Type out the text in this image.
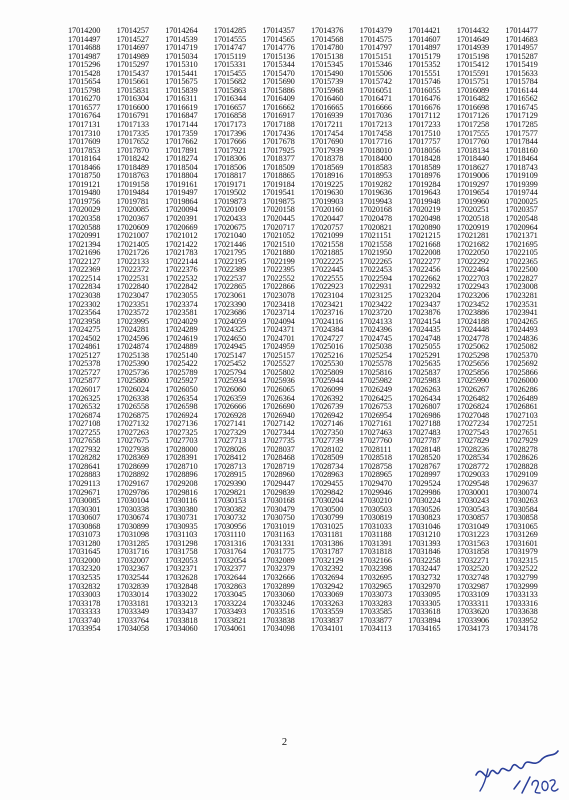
17014200	17014257	17014264	17014285	17014357	17014376	17014379	17014421	17014432	17014477
17014497	17014527	17014539	17014555	17014565	17014568	17014575	17014607	17014649	17014683
17014688	17014697	17014719	17014747	17014776	17014780	17014797	17014897	17014939	17014957
17014987	17014989	17015034	17015119	17015136	17015138	17015151	17015179	17015198	17015287
17015296	17015297	17015310	17015331	17015344	17015345	17015346	17015352	17015412	17015419
17015428	17015437	17015441	17015455	17015470	17015490	17015506	17015551	17015591	17015633
17015654	17015661	17015675	17015682	17015690	17015739	17015742	17015746	17015751	17015784
17015798	17015831	17015839	17015863	17015886	17015968	17016051	17016055	17016089	17016144
17016270	17016304	17016311	17016344	17016409	17016460	17016471	17016476	17016482	17016562
17016577	17016600	17016619	17016657	17016662	17016665	17016666	17016676	17016698	17016745
17016764	17016791	17016847	17016858	17016917	17016939	17017036	17017112	17017126	17017129
17017131	17017133	17017144	17017173	17017188	17017211	17017213	17017233	17017258	17017285
17017310	17017335	17017359	17017396	17017436	17017454	17017458	17017510	17017555	17017577
17017609	17017652	17017662	17017666	17017678	17017690	17017716	17017757	17017760	17017844
17017853	17017870	17017891	17017921	17017925	17017939	17018010	17018056	17018134	17018160
17018164	17018242	17018274	17018306	17018377	17018378	17018400	17018428	17018440	17018464
17018466	17018489	17018504	17018506	17018509	17018569	17018583	17018589	17018627	17018743
17018750	17018763	17018804	17018817	17018865	17018916	17018953	17018976	17019006	17019109
17019121	17019158	17019161	17019171	17019184	17019225	17019282	17019284	17019297	17019399
17019480	17019484	17019497	17019502	17019541	17019630	17019636	17019643	17019654	17019744
17019756	17019781	17019864	17019873	17019875	17019903	17019943	17019948	17019960	17020025
17020029	17020085	17020094	17020109	17020158	17020160	17020168	17020219	17020251	17020357
17020358	17020367	17020391	17020433	17020445	17020447	17020478	17020498	17020518	17020548
17020588	17020609	17020669	17020675	17020717	17020757	17020821	17020890	17020919	17020964
17020991	17021007	17021012	17021040	17021052	17021099	17021151	17021215	17021281	17021371
17021394	17021405	17021422	17021446	17021510	17021558	17021558	17021668	17021682	17021695
17021696	17021726	17021783	17021795	17021880	17021885	17021950	17022008	17022050	17022105
17022127	17022133	17022144	17022195	17022199	17022225	17022265	17022277	17022292	17022365
17022369	17022372	17022376	17022389	17022395	17022445	17022453	17022456	17022464	17022500
17022514	17022531	17022532	17022537	17022552	17022555	17022594	17022662	17022703	17022827
17022834	17022840	17022842	17022865	17022866	17022923	17022931	17022932	17022943	17023008
17023038	17023047	17023055	17023061	17023078	17023104	17023125	17023204	17023206	17023281
17023302	17023351	17023374	17023390	17023418	17023421	17023422	17023437	17023452	17023531
17023564	17023572	17023581	17023686	17023714	17023716	17023720	17023876	17023886	17023941
17023958	17023995	17024029	17024059	17024094	17024116	17024133	17024154	17024188	17024265
17024275	17024281	17024289	17024325	17024371	17024384	17024396	17024435	17024448	17024493
17024502	17024596	17024619	17024650	17024701	17024727	17024745	17024748	17024778	17024836
17024861	17024874	17024889	17024945	17024959	17025016	17025038	17025055	17025062	17025082
17025127	17025138	17025140	17025147	17025157	17025216	17025254	17025291	17025298	17025370
17025378	17025390	17025422	17025452	17025527	17025530	17025578	17025635	17025656	17025692
17025727	17025736	17025789	17025794	17025802	17025809	17025816	17025837	17025856	17025866
17025877	17025880	17025927	17025934	17025936	17025944	17025982	17025983	17025990	17026000
17026017	17026024	17026050	17026060	17026065	17026099	17026249	17026263	17026267	17026286
17026325	17026338	17026354	17026359	17026364	17026392	17026425	17026434	17026482	17026489
17026532	17026558	17026598	17026666	17026690	17026739	17026753	17026807	17026824	17026861
17026874	17026875	17026924	17026928	17026940	17026942	17026954	17026986	17027048	17027103
17027108	17027132	17027136	17027141	17027142	17027146	17027161	17027188	17027234	17027251
17027255	17027263	17027325	17027329	17027344	17027350	17027463	17027483	17027543	17027651
17027658	17027675	17027703	17027713	17027735	17027739	17027760	17027787	17027829	17027929
17027932	17027938	17028000	17028026	17028037	17028102	17028111	17028148	17028236	17028278
17028282	17028369	17028391	17028412	17028468	17028509	17028518	17028520	17028534	17028626
17028641	17028699	17028710	17028713	17028719	17028734	17028758	17028767	17028772	17028828
17028883	17028892	17028896	17028915	17028960	17028963	17028965	17028997	17029033	17029109
17029113	17029167	17029208	17029390	17029447	17029455	17029470	17029524	17029548	17029637
17029671	17029786	17029816	17029821	17029839	17029842	17029946	17029986	17030001	17030074
17030085	17030104	17030116	17030153	17030168	17030204	17030210	17030224	17030243	17030263
17030301	17030338	17030380	17030382	17030479	17030500	17030503	17030526	17030543	17030584
17030607	17030674	17030731	17030732	17030750	17030799	17030819	17030823	17030857	17030858
17030868	17030899	17030935	17030956	17031019	17031025	17031033	17031046	17031049	17031065
17031073	17031098	17031103	17031110	17031163	17031181	17031188	17031210	17031223	17031269
17031280	17031285	17031298	17031316	17031331	17031386	17031391	17031393	17031563	17031601
17031645	17031716	17031758	17031764	17031775	17031787	17031818	17031846	17031858	17031979
17032000	17032007	17032053	17032054	17032089	17032129	17032166	17032258	17032271	17032315
17032320	17032367	17032371	17032377	17032379	17032392	17032398	17032447	17032520	17032522
17032535	17032544	17032628	17032644	17032666	17032694	17032695	17032732	17032748	17032799
17032832	17032839	17032848	17032863	17032899	17032942	17032965	17032970	17032987	17032999
17033003	17033014	17033022	17033045	17033060	17033069	17033073	17033095	17033109	17033133
17033178	17033181	17033213	17033224	17033246	17033263	17033283	17033305	17033311	17033316
17033333	17033349	17033437	17033493	17033516	17033559	17033585	17033618	17033620	17033638
17033740	17033764	17033818	17033821	17033838	17033837	17033877	17033894	17033906	17033952
17033954	17034058	17034060	17034061	17034098	17034101	17034113	17034165	17034173	17034178
2
